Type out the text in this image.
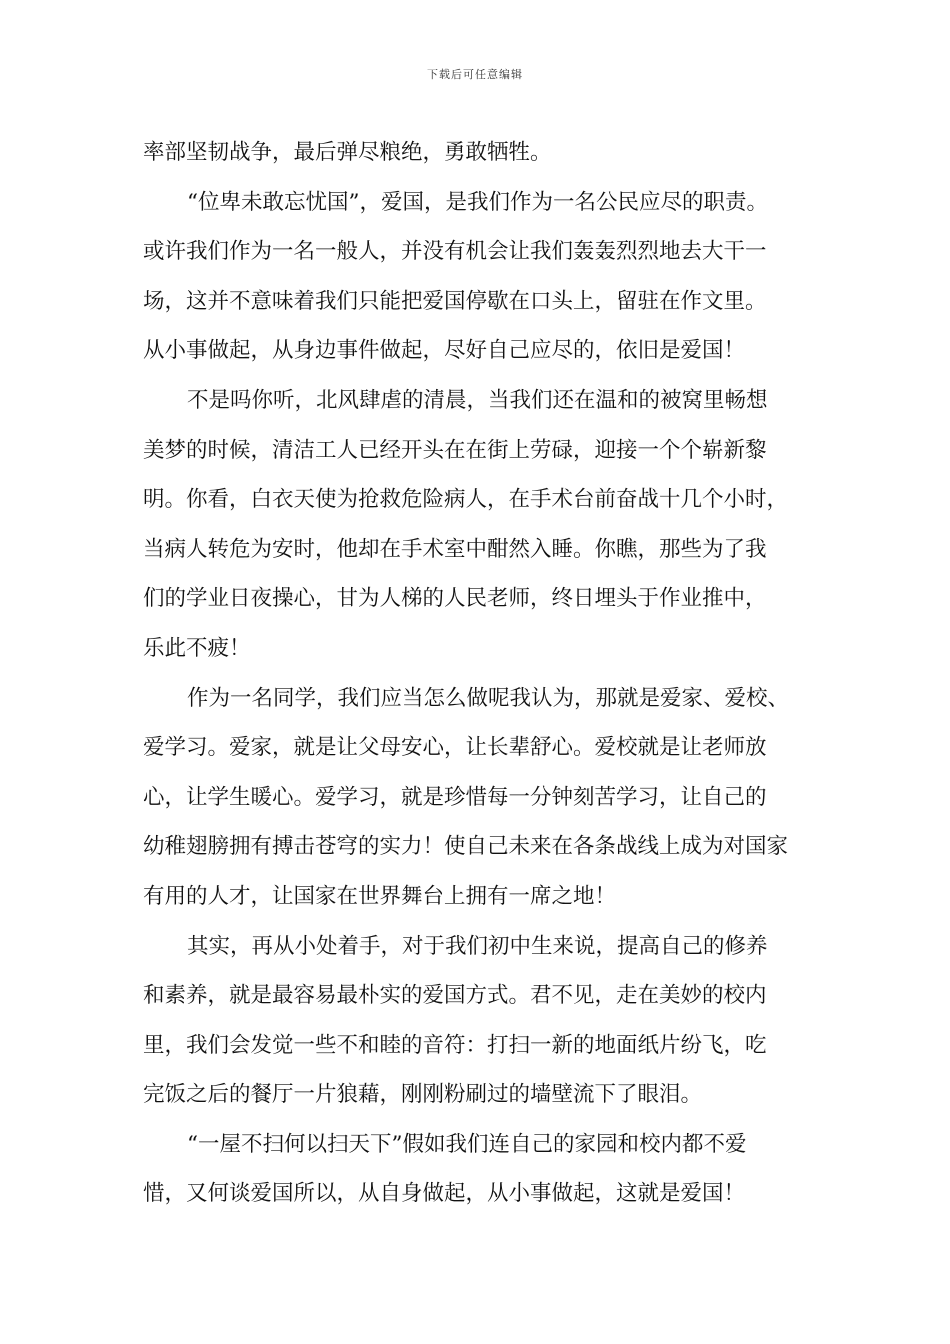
下载后可任意编辑
率部坚韧战争，最后弹尽粮绝，勇敢牺牲。
“位卑未敢忘忧国”，爱国，是我们作为一名公民应尽的职责。
或许我们作为一名一般人，并没有机会让我们轰轰烈烈地去大干一
场，这并不意味着我们只能把爱国停歇在口头上，留驻在作文里。
从小事做起，从身边事件做起，尽好自己应尽的，依旧是爱国！
不是吗你听，北风肆虐的清晨，当我们还在温和的被窝里畅想
美梦的时候，清洁工人已经开头在在街上劳碌，迎接一个个崭新黎
明。你看，白衣天使为抢救危险病人，在手术台前奋战十几个小时，
当病人转危为安时，他却在手术室中酣然入睡。你瞧，那些为了我
们的学业日夜操心，甘为人梯的人民老师，终日埋头于作业推中，
乐此不疲！
作为一名同学，我们应当怎么做呢我认为，那就是爱家、爱校、
爱学习。爱家，就是让父母安心，让长辈舒心。爱校就是让老师放
心，让学生暖心。爱学习，就是珍惜每一分钟刻苦学习，让自己的
幼稚翅膀拥有搏击苍穹的实力！使自己未来在各条战线上成为对国家
有用的人才，让国家在世界舞台上拥有一席之地！
其实，再从小处着手，对于我们初中生来说，提高自己的修养
和素养，就是最容易最朴实的爱国方式。君不见，走在美妙的校内
里，我们会发觉一些不和睦的音符：打扫一新的地面纸片纷飞，吃
完饭之后的餐厅一片狼藉，刚刚粉刷过的墙壁流下了眼泪。
“一屋不扫何以扫天下”假如我们连自己的家园和校内都不爱
惜，又何谈爱国所以，从自身做起，从小事做起，这就是爱国！
